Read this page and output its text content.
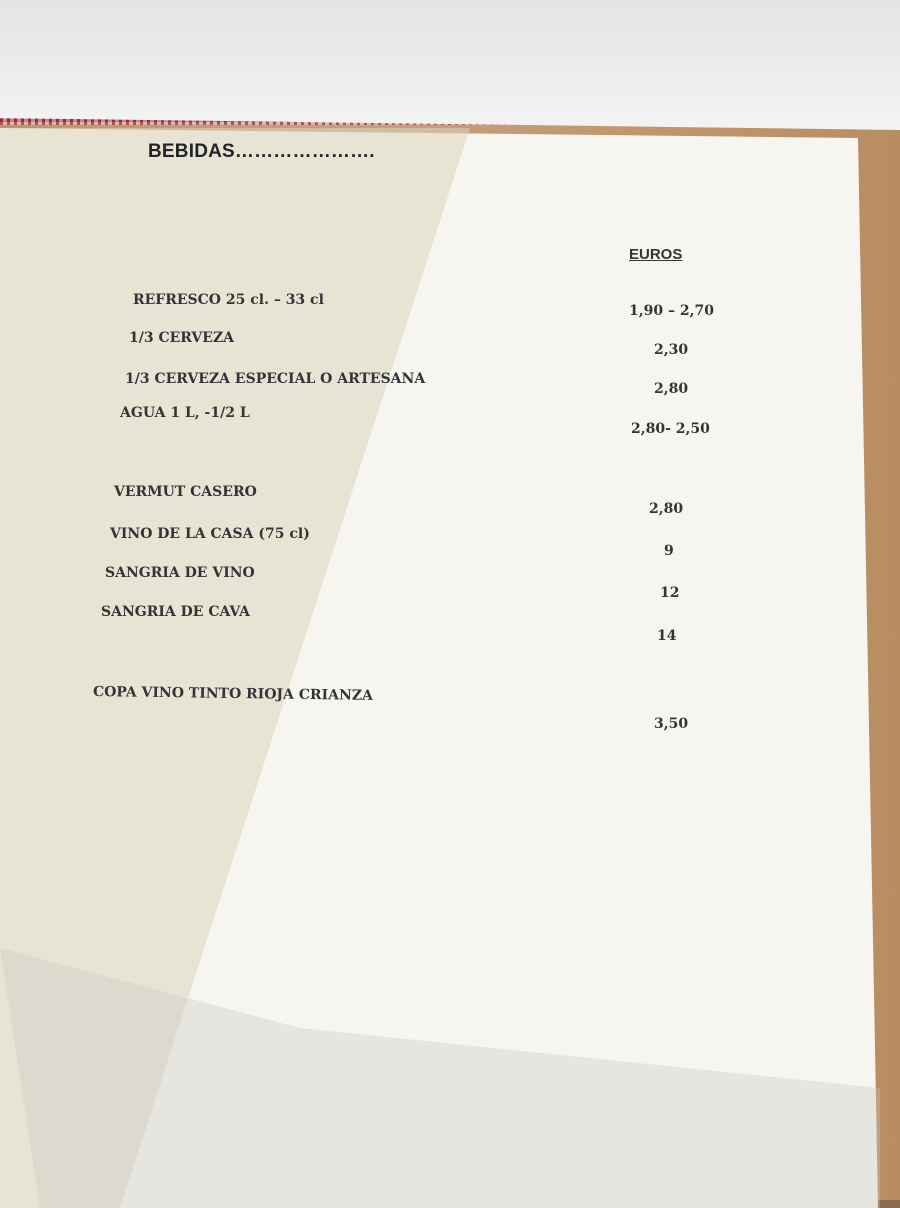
BEBIDAS………………….
EUROS
REFRESCO 25 cl. – 33 cl
1,90 – 2,70
1/3 CERVEZA
2,30
1/3 CERVEZA ESPECIAL O ARTESANA
2,80
AGUA 1 L, -1/2 L
2,80- 2,50
VERMUT CASERO
2,80
VINO DE LA CASA (75 cl)
9
SANGRIA DE VINO
12
SANGRIA DE CAVA
14
COPA VINO TINTO RIOJA CRIANZA
3,50
